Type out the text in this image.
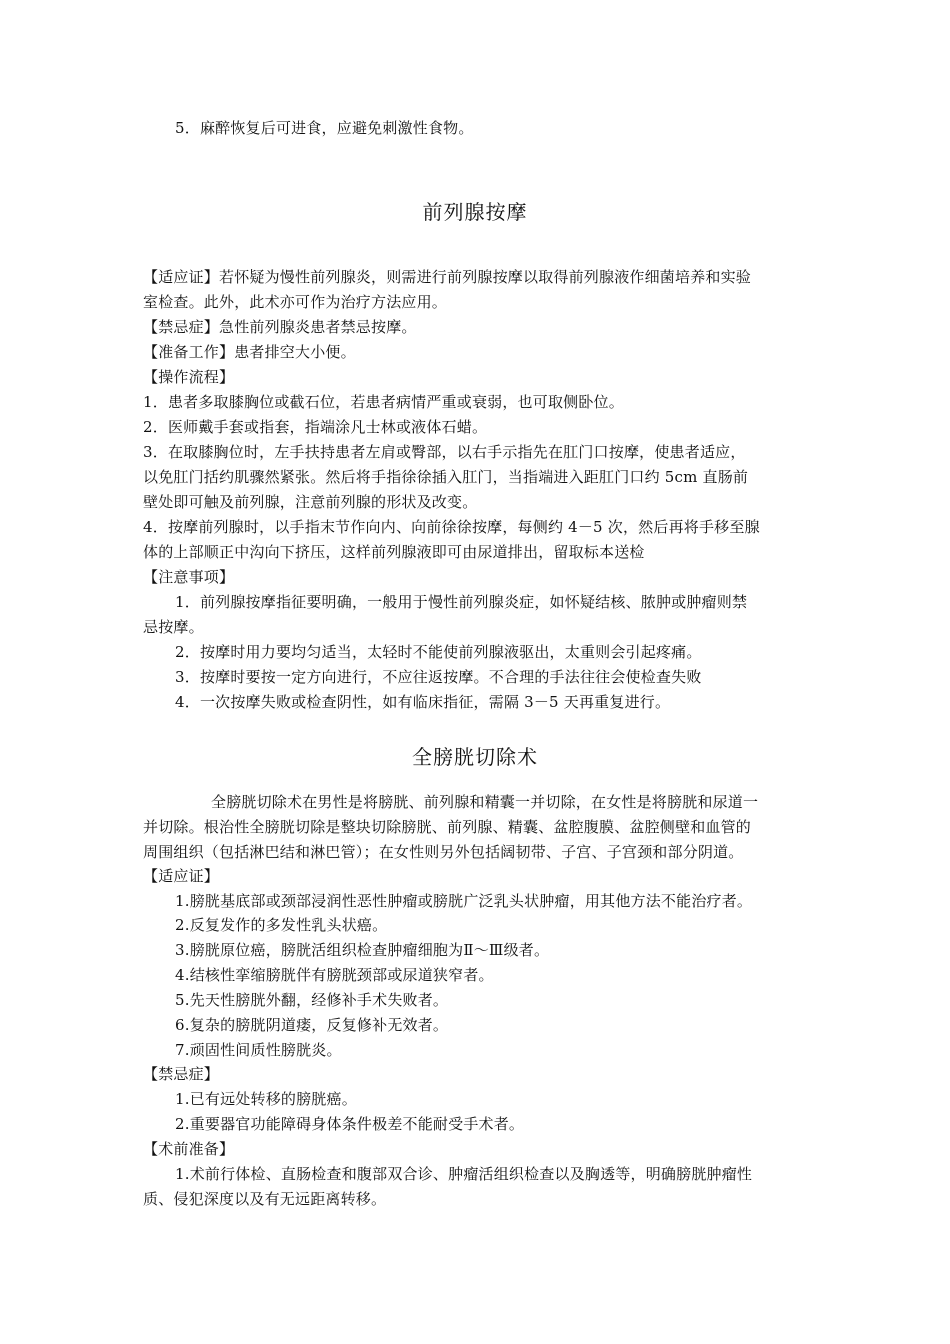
5．麻醉恢复后可进食，应避免刺激性食物。
前列腺按摩
【适应证】若怀疑为慢性前列腺炎，则需进行前列腺按摩以取得前列腺液作细菌培养和实验
室检查。此外，此术亦可作为治疗方法应用。
【禁忌症】急性前列腺炎患者禁忌按摩。
【准备工作】患者排空大小便。
【操作流程】
1．患者多取膝胸位或截石位，若患者病情严重或衰弱，也可取侧卧位。
2．医师戴手套或指套，指端涂凡士林或液体石蜡。
3．在取膝胸位时，左手扶持患者左肩或臀部，以右手示指先在肛门口按摩，使患者适应，
以免肛门括约肌骤然紧张。然后将手指徐徐插入肛门，当指端进入距肛门口约 5cm 直肠前
壁处即可触及前列腺，注意前列腺的形状及改变。
4．按摩前列腺时，以手指末节作向内、向前徐徐按摩，每侧约 4－5 次，然后再将手移至腺
体的上部顺正中沟向下挤压，这样前列腺液即可由尿道排出，留取标本送检
【注意事项】
1．前列腺按摩指征要明确，一般用于慢性前列腺炎症，如怀疑结核、脓肿或肿瘤则禁
忌按摩。
2．按摩时用力要均匀适当，太轻时不能使前列腺液驱出，太重则会引起疼痛。
3．按摩时要按一定方向进行，不应往返按摩。不合理的手法往往会使检查失败
4．一次按摩失败或检查阴性，如有临床指征，需隔 3－5 天再重复进行。
全膀胱切除术
全膀胱切除术在男性是将膀胱、前列腺和精囊一并切除，在女性是将膀胱和尿道一
并切除。根治性全膀胱切除是整块切除膀胱、前列腺、精囊、盆腔腹膜、盆腔侧壁和血管的
周围组织（包括淋巴结和淋巴管）；在女性则另外包括阔韧带、子宫、子宫颈和部分阴道。
【适应证】
1.膀胱基底部或颈部浸润性恶性肿瘤或膀胱广泛乳头状肿瘤，用其他方法不能治疗者。
2.反复发作的多发性乳头状癌。
3.膀胱原位癌，膀胱活组织检查肿瘤细胞为Ⅱ～Ⅲ级者。
4.结核性挛缩膀胱伴有膀胱颈部或尿道狭窄者。
5.先天性膀胱外翻，经修补手术失败者。
6.复杂的膀胱阴道瘘，反复修补无效者。
7.顽固性间质性膀胱炎。
【禁忌症】
1.已有远处转移的膀胱癌。
2.重要器官功能障碍身体条件极差不能耐受手术者。
【术前准备】
1.术前行体检、直肠检查和腹部双合诊、肿瘤活组织检查以及胸透等，明确膀胱肿瘤性
质、侵犯深度以及有无远距离转移。
